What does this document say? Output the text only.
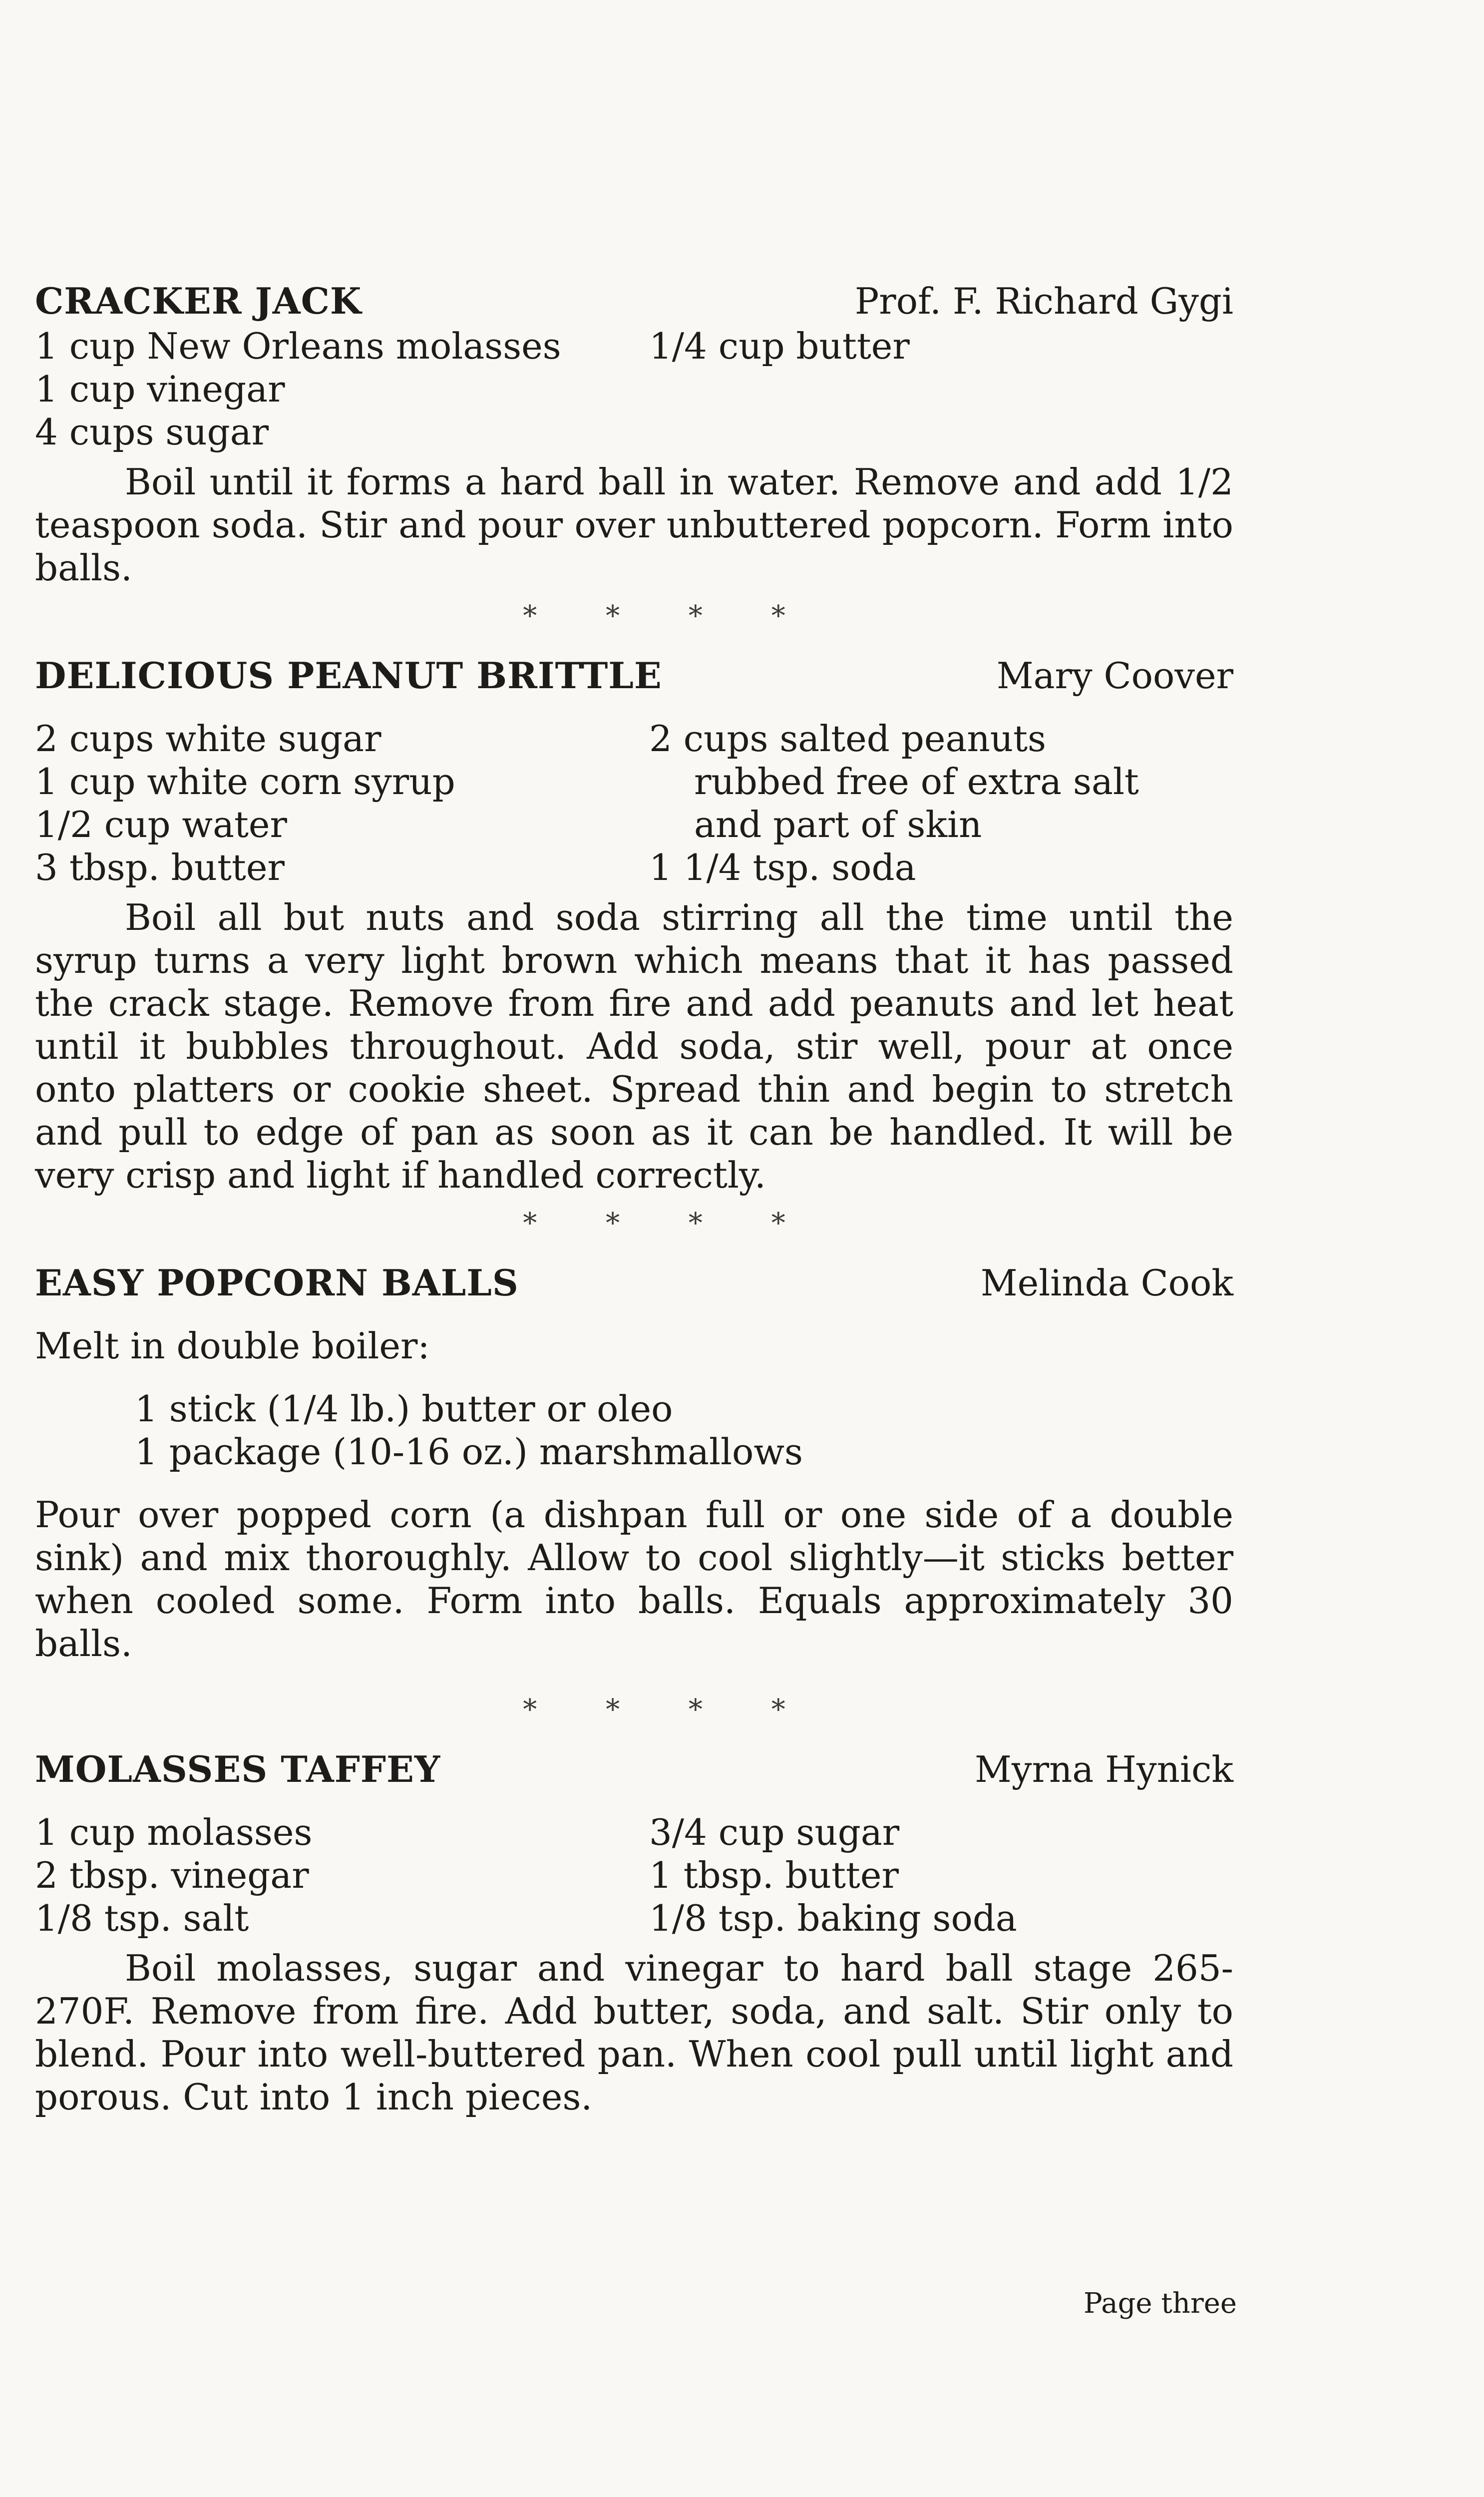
CRACKER JACK	Prof. F. Richard Gygi
1 cup New Orleans molasses	1/4 cup butter
1 cup vinegar
4 cups sugar

Boil until it forms a hard ball in water. Remove and add 1/2 teaspoon soda. Stir and pour over unbuttered popcorn. Form into balls.

* * * *
DELICIOUS PEANUT BRITTLE	Mary Coover
2 cups white sugar	2 cups salted peanuts
1 cup white corn syrup	rubbed free of extra salt
1/2 cup water	and part of skin
3 tbsp. butter	1 1/4 tsp. soda

Boil all but nuts and soda stirring all the time until the syrup turns a very light brown which means that it has passed the crack stage. Remove from fire and add peanuts and let heat until it bubbles throughout. Add soda, stir well, pour at once onto platters or cookie sheet. Spread thin and begin to stretch and pull to edge of pan as soon as it can be handled. It will be very crisp and light if handled correctly.

* * * *
EASY POPCORN BALLS	Melinda Cook
Melt in double boiler:
1 stick (1/4 lb.) butter or oleo
1 package (10-16 oz.) marshmallows

Pour over popped corn (a dishpan full or one side of a double sink) and mix thoroughly. Allow to cool slightly—it sticks better when cooled some. Form into balls. Equals approximately 30 balls.

* * * *
MOLASSES TAFFEY	Myrna Hynick
1 cup molasses	3/4 cup sugar
2 tbsp. vinegar	1 tbsp. butter
1/8 tsp. salt	1/8 tsp. baking soda

Boil molasses, sugar and vinegar to hard ball stage 265-270F. Remove from fire. Add butter, soda, and salt. Stir only to blend. Pour into well-buttered pan. When cool pull until light and porous. Cut into 1 inch pieces.

Page three
